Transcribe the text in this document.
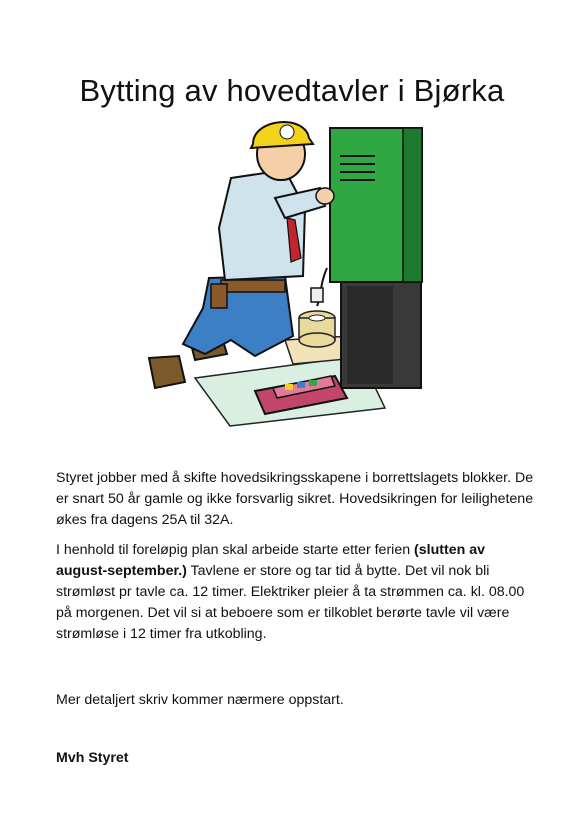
Bytting av hovedtavler i Bjørka

Styret jobber med å skifte hovedsikringsskapene i borrettslagets blokker. De er snart 50 år gamle og ikke forsvarlig sikret. Hovedsikringen for leilighetene økes fra dagens 25A til 32A.

I henhold til foreløpig plan skal arbeide starte etter ferien (slutten av august-september.) Tavlene er store og tar tid å bytte. Det vil nok bli strømløst pr tavle ca. 12 timer. Elektriker pleier å ta strømmen ca. kl. 08.00 på morgenen. Det vil si at beboere som er tilkoblet berørte tavle vil være strømløse i 12 timer fra utkobling.

Mer detaljert skriv kommer nærmere oppstart.

Mvh Styret
